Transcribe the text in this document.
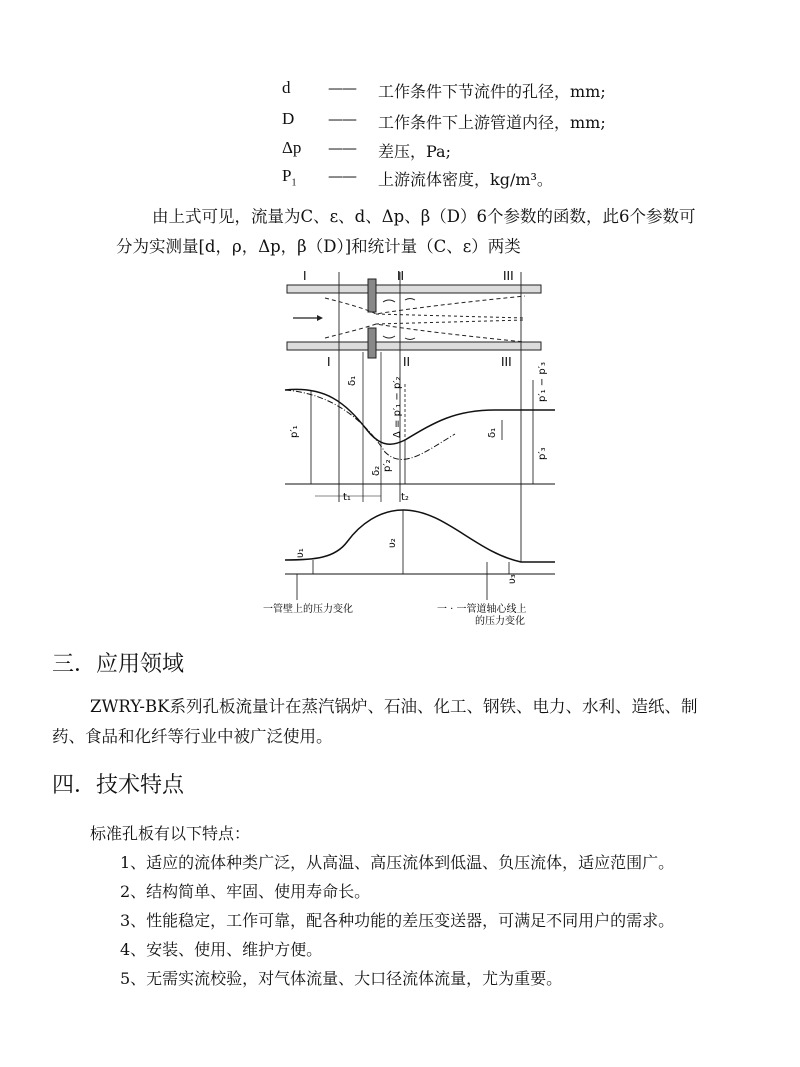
d	—— 工作条件下节流件的孔径，mm;
D —— 工作条件下上游管道内径，mm;
Δp —— 差压，Pa;
$P_1$ —— 上游流体密度，kg/m³。
由上式可见，流量为C、ε、d、Δp、β（D）6个参数的函数，此6个参数可
分为实测量[d，ρ，Δp，β（D）]和统计量（C、ε）两类
I	II	III
I	II	III
p′₁
p′₂
p′₃
Δ = p′₁ − p′₂	p′₁ − p′₃
δ₁
δ₁
δ₂
t₁	t₂
υ₁
υ₂
υ₃
一管壁上的压力变化	一 · 一管道轴心线上
的压力变化
三．应用领域
ZWRY-BK系列孔板流量计在蒸汽锅炉、石油、化工、钢铁、电力、水利、造纸、制
药、食品和化纤等行业中被广泛使用。
四．技术特点
标准孔板有以下特点：
1、适应的流体种类广泛，从高温、高压流体到低温、负压流体，适应范围广。
2、结构简单、牢固、使用寿命长。
3、性能稳定，工作可靠，配各种功能的差压变送器，可满足不同用户的需求。
4、安装、使用、维护方便。
5、无需实流校验，对气体流量、大口径流体流量，尤为重要。
